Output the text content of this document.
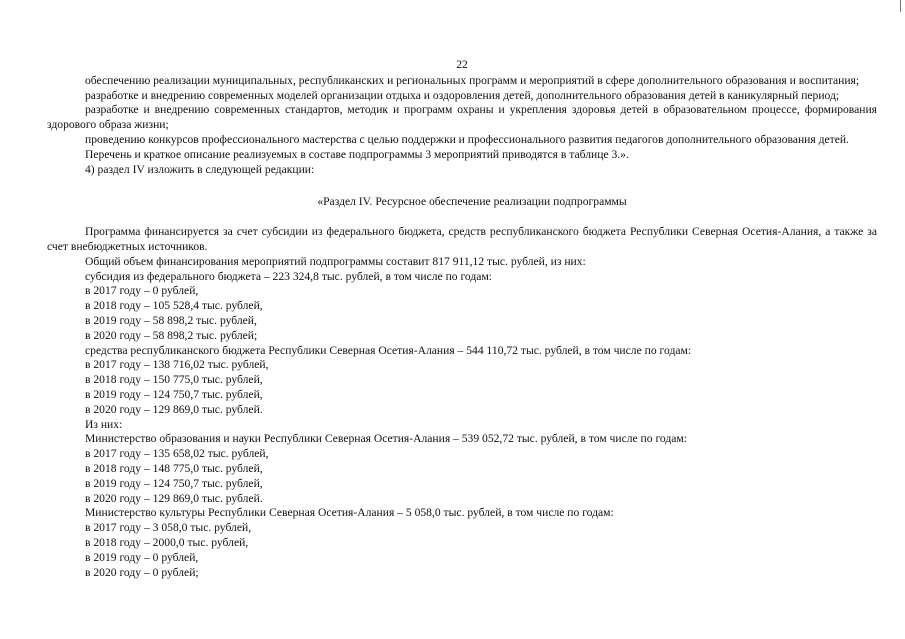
22

обеспечению реализации муниципальных, республиканских и региональных программ и мероприятий в сфере дополнительного образования и воспитания;

разработке и внедрению современных моделей организации отдыха и оздоровления детей, дополнительного образования детей в каникулярный период;

разработке и внедрению современных стандартов, методик и программ охраны и укрепления здоровья детей в образовательном процессе, формирования здорового образа жизни;

проведению конкурсов профессионального мастерства с целью поддержки и профессионального развития педагогов дополнительного образования детей.

Перечень и краткое описание реализуемых в составе подпрограммы 3 мероприятий приводятся в таблице 3.».

4) раздел IV изложить в следующей редакции:

«Раздел IV. Ресурсное обеспечение реализации подпрограммы

Программа финансируется за счет субсидии из федерального бюджета, средств республиканского бюджета Республики Северная Осетия-Алания, а также за счет внебюджетных источников.

Общий объем финансирования мероприятий подпрограммы составит 817 911,12 тыс. рублей, из них:

субсидия из федерального бюджета – 223 324,8 тыс. рублей, в том числе по годам:

в 2017 году – 0 рублей,

в 2018 году – 105 528,4 тыс. рублей,

в 2019 году – 58 898,2 тыс. рублей,

в 2020 году – 58 898,2 тыс. рублей;

средства республиканского бюджета Республики Северная Осетия-Алания – 544 110,72 тыс. рублей, в том числе по годам:

в 2017 году – 138 716,02 тыс. рублей,

в 2018 году – 150 775,0 тыс. рублей,

в 2019 году – 124 750,7 тыс. рублей,

в 2020 году – 129 869,0 тыс. рублей.

Из них:

Министерство образования и науки Республики Северная Осетия-Алания – 539 052,72 тыс. рублей, в том числе по годам:

в 2017 году – 135 658,02 тыс. рублей,

в 2018 году – 148 775,0 тыс. рублей,

в 2019 году – 124 750,7 тыс. рублей,

в 2020 году – 129 869,0 тыс. рублей.

Министерство культуры Республики Северная Осетия-Алания – 5 058,0 тыс. рублей, в том числе по годам:

в 2017 году – 3 058,0 тыс. рублей,

в 2018 году – 2000,0 тыс. рублей,

в 2019 году – 0 рублей,

в 2020 году – 0 рублей;
